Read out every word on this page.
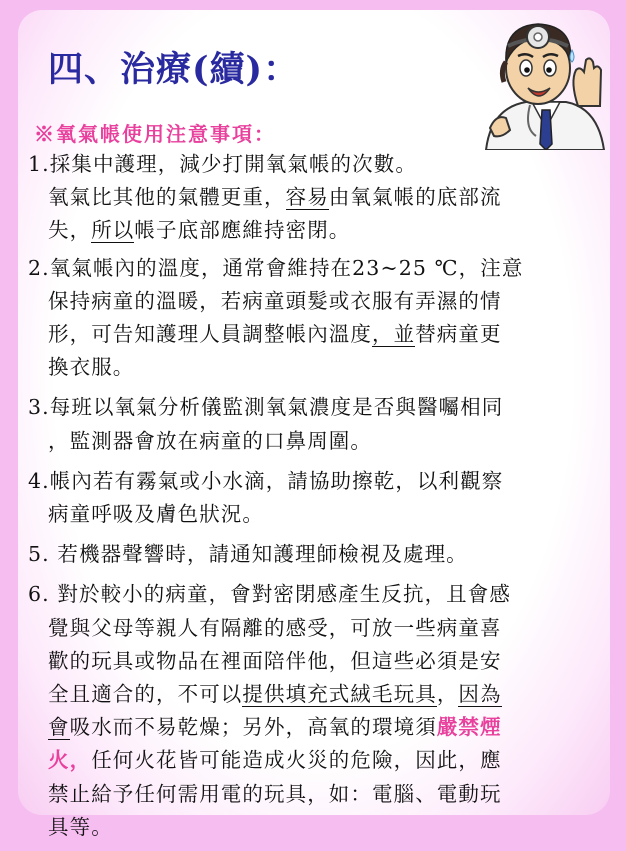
四、治療(續)：
※氧氣帳使用注意事項：
1.採集中護理，減少打開氧氣帳的次數。
氧氣比其他的氣體更重，容易由氧氣帳的底部流
失，所以帳子底部應維持密閉。
2.氧氣帳內的溫度，通常會維持在23~25 ℃，注意
保持病童的溫暖，若病童頭髮或衣服有弄濕的情
形，可告知護理人員調整帳內溫度，並替病童更
換衣服。
3.每班以氧氣分析儀監測氧氣濃度是否與醫囑相同
，監測器會放在病童的口鼻周圍。
4.帳內若有霧氣或小水滴，請協助擦乾，以利觀察
病童呼吸及膚色狀況。
5. 若機器聲響時，請通知護理師檢視及處理。
6. 對於較小的病童，會對密閉感產生反抗，且會感
覺與父母等親人有隔離的感受，可放一些病童喜
歡的玩具或物品在裡面陪伴他，但這些必須是安
全且適合的，不可以提供填充式絨毛玩具，因為
會吸水而不易乾燥；另外，高氧的環境須嚴禁煙
火，任何火花皆可能造成火災的危險，因此，應
禁止給予任何需用電的玩具，如：電腦、電動玩
具等。
